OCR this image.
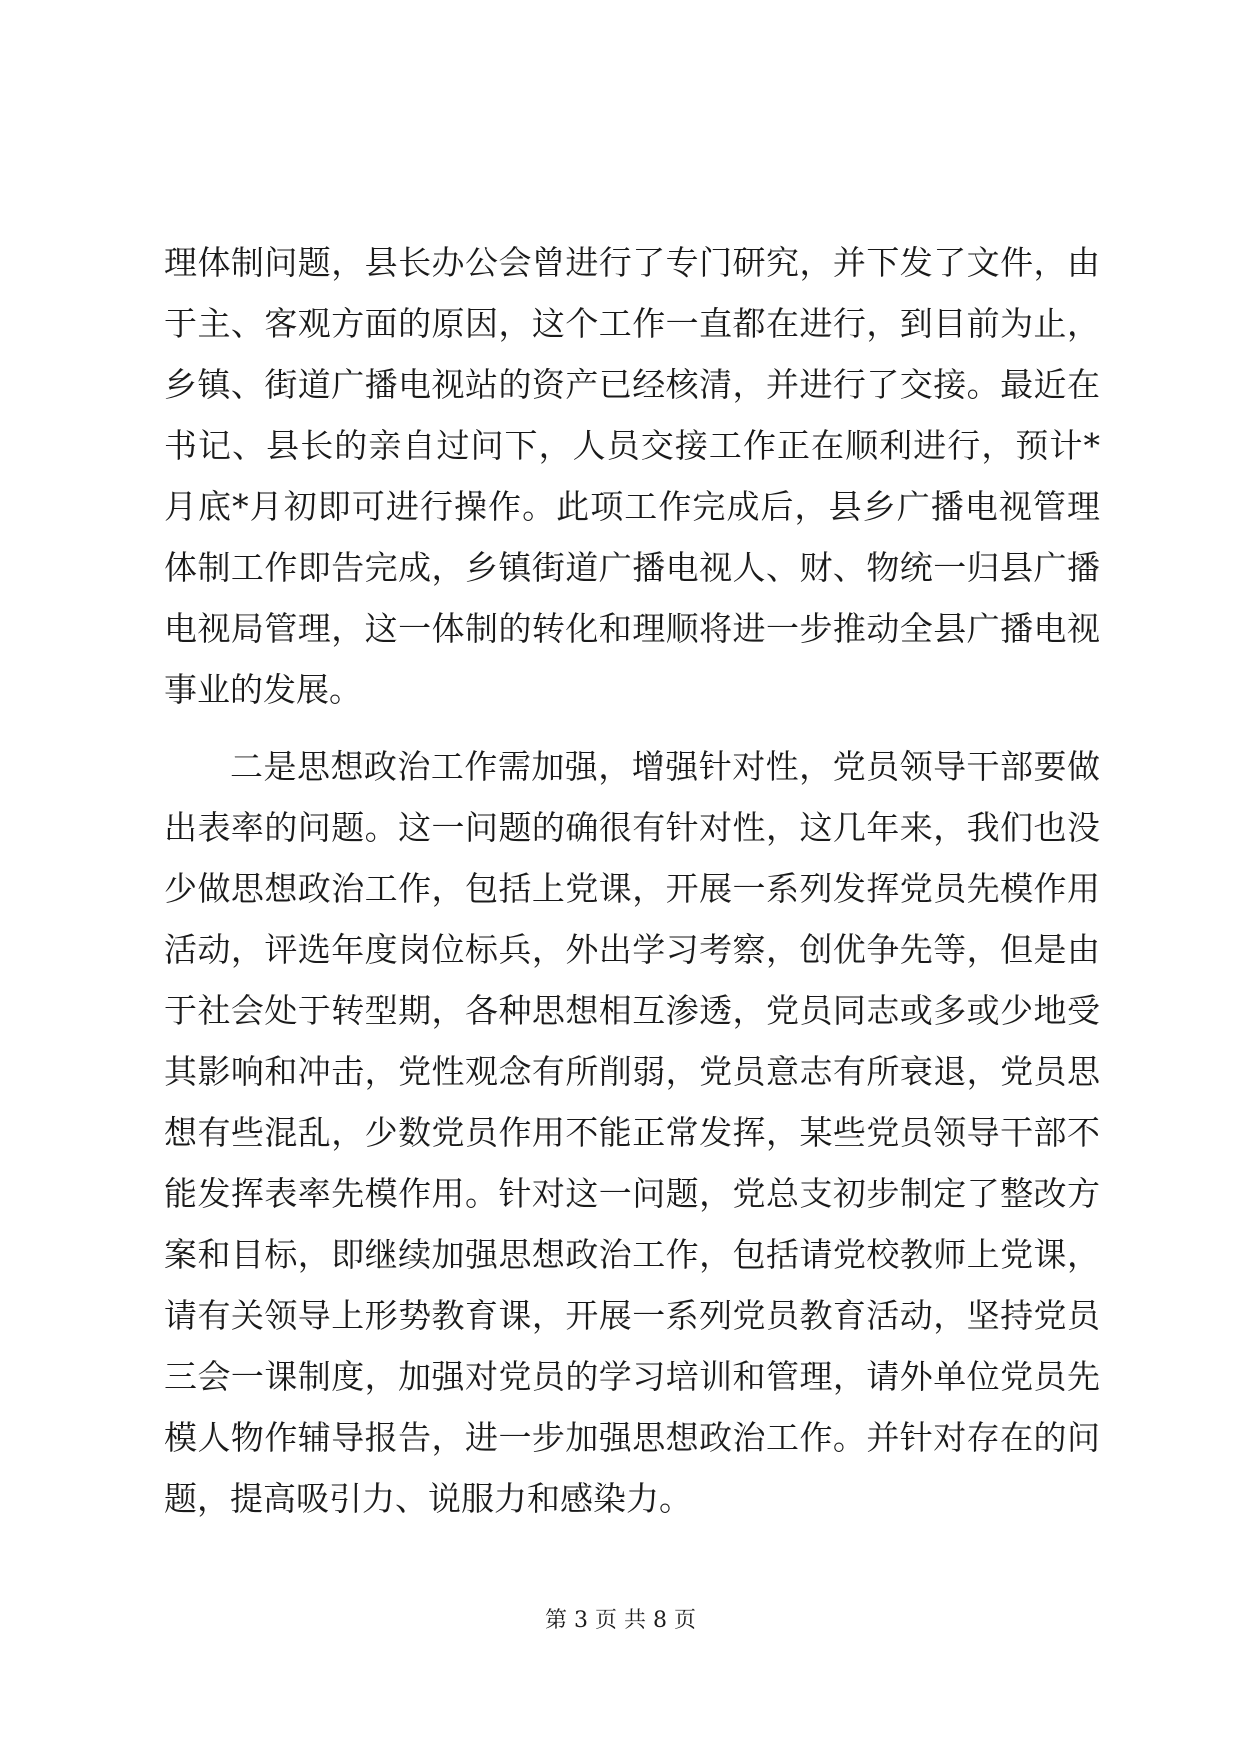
理体制问题，县长办公会曾进行了专门研究，并下发了文件，由
于主、客观方面的原因，这个工作一直都在进行，到目前为止，
乡镇、街道广播电视站的资产已经核清，并进行了交接。最近在
书记、县长的亲自过问下，人员交接工作正在顺利进行，预计*
月底*月初即可进行操作。此项工作完成后，县乡广播电视管理
体制工作即告完成，乡镇街道广播电视人、财、物统一归县广播
电视局管理，这一体制的转化和理顺将进一步推动全县广播电视
事业的发展。
二是思想政治工作需加强，增强针对性，党员领导干部要做
出表率的问题。这一问题的确很有针对性，这几年来，我们也没
少做思想政治工作，包括上党课，开展一系列发挥党员先模作用
活动，评选年度岗位标兵，外出学习考察，创优争先等，但是由
于社会处于转型期，各种思想相互渗透，党员同志或多或少地受
其影响和冲击，党性观念有所削弱，党员意志有所衰退，党员思
想有些混乱，少数党员作用不能正常发挥，某些党员领导干部不
能发挥表率先模作用。针对这一问题，党总支初步制定了整改方
案和目标，即继续加强思想政治工作，包括请党校教师上党课，
请有关领导上形势教育课，开展一系列党员教育活动，坚持党员
三会一课制度，加强对党员的学习培训和管理，请外单位党员先
模人物作辅导报告，进一步加强思想政治工作。并针对存在的问
题，提高吸引力、说服力和感染力。
第 3 页 共 8 页
